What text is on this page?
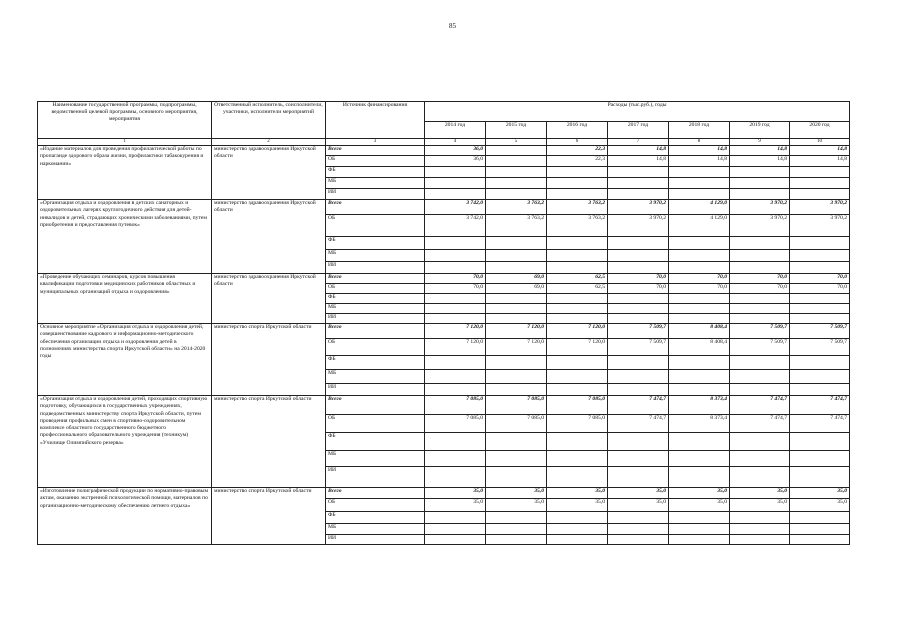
85
Наименование государственной программы, подпрограммы, ведомственной целевой программы, основного мероприятия, мероприятия	Ответственный исполнитель, соисполнители, участники, исполнители мероприятий	Источник финансирования	Расходы (тыс.руб.), годы						
			2014 год	2015 год	2016 год	2017 год	2018 год	2019 год	2020 год
1	2	3	4	5	6	7	8	9	10
«Издание материалов для проведения профилактической работы по пропаганде здорового образа жизни, профилактики табакокурения и наркомании»	министерство здравоохранения Иркутской области	Всего	36,0		22,3	14,8	14,8	14,8	14,8
		ОБ	36,0		22,3	14,8	14,8	14,8	14,8
		ФБ							
		МБ							
		ИИ							
«Организация отдыха и оздоровления в детских санаторных и оздоровительных лагерях круглогодичного действия для детей-инвалидов и детей, страдающих хроническими заболеваниями, путем приобретения и предоставления путевок»	министерство здравоохранения Иркутской области	Всего	3 742,0	3 763,2	3 763,2	3 970,2	4 129,0	3 970,2	3 970,2
		ОБ	3 742,0	3 763,2	3 763,2	3 970,2	4 129,0	3 970,2	3 970,2
		ФБ							
		МБ							
		ИИ							
«Проведение обучающих семинаров, курсов повышения квалификации подготовки медицинских работников областных и муниципальных организаций отдыха и оздоровления»	министерство здравоохранения Иркутской области	Всего	70,0	69,0	62,5	70,0	70,0	70,0	70,0
		ОБ	70,0	69,0	62,5	70,0	70,0	70,0	70,0
		ФБ							
		МБ							
		ИИ							
Основное мероприятие «Организация отдыха и оздоровления детей, совершенствование кадрового и информационно-методического обеспечения организации отдыха и оздоровления детей в полномочиях министерства спорта Иркутской области» на 2014-2020 годы	министерство спорта Иркутской области	Всего	7 120,0	7 120,0	7 120,0	7 509,7	8 408,4	7 509,7	7 509,7
		ОБ	7 120,0	7 120,0	7 120,0	7 509,7	8 408,4	7 509,7	7 509,7
		ФБ							
		МБ							
		ИИ							
«Организация отдыха и оздоровления детей, проходящих спортивную подготовку, обучающихся в государственных учреждениях, подведомственных министерству спорта Иркутской области, путем проведения профильных смен в спортивно-оздоровительном комплексе областного государственного бюджетного профессионального образовательного учреждения (техникум) «Училище Олимпийского резерва»	министерство спорта Иркутской области	Всего	7 085,0	7 085,0	7 085,0	7 474,7	8 373,4	7 474,7	7 474,7
		ОБ	7 085,0	7 085,0	7 085,0	7 474,7	8 373,4	7 474,7	7 474,7
		ФБ							
		МБ							
		ИИ							
«Изготовление полиграфической продукции по нормативно-правовым актам, оказанию экстренной психологической помощи, материалов по организационно-методическому обеспечению летнего отдыха»	министерство спорта Иркутской области	Всего	35,0	35,0	35,0	35,0	35,0	35,0	35,0
		ОБ	35,0	35,0	35,0	35,0	35,0	35,0	35,0
		ФБ							
		МБ							
		ИИ							
